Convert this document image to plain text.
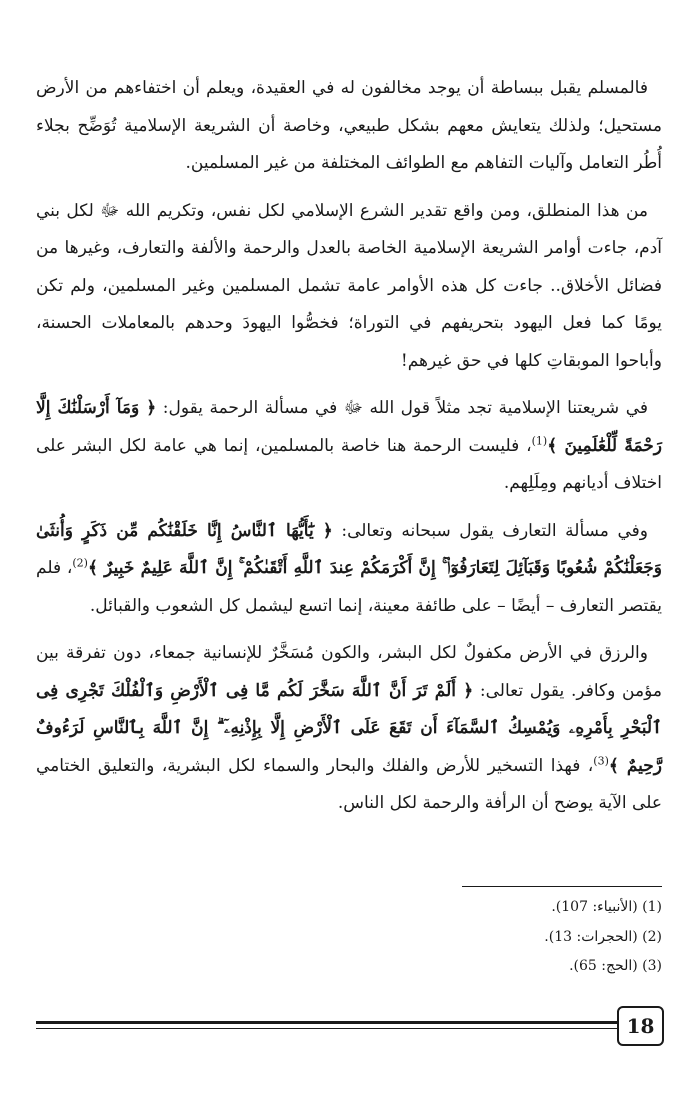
فالمسلم يقبل ببساطة أن يوجد مخالفون له في العقيدة، ويعلم أن اختفاءهم من الأرض مستحيل؛ ولذلك يتعايش معهم بشكل طبيعي، وخاصة أن الشريعة الإسلامية تُوَضِّح بجلاء أُطُر التعامل وآليات التفاهم مع الطوائف المختلفة من غير المسلمين.

من هذا المنطلق، ومن واقع تقدير الشرع الإسلامي لكل نفس، وتكريم الله ﷻ لكل بني آدم، جاءت أوامر الشريعة الإسلامية الخاصة بالعدل والرحمة والألفة والتعارف، وغيرها من فضائل الأخلاق.. جاءت كل هذه الأوامر عامة تشمل المسلمين وغير المسلمين، ولم تكن يومًا كما فعل اليهود بتحريفهم في التوراة؛ فخصُّوا اليهودَ وحدهم بالمعاملات الحسنة، وأباحوا الموبقاتِ كلها في حق غيرهم!

في شريعتنا الإسلامية تجد مثلاً قول الله ﷻ في مسألة الرحمة يقول: ﴿ وَمَآ أَرْسَلْنَٰكَ إِلَّا رَحْمَةً لِّلْعَٰلَمِينَ ﴾$^{(1)}$، فليست الرحمة هنا خاصة بالمسلمين، إنما هي عامة لكل البشر على اختلاف أديانهم ومِلَلِهم.

وفي مسألة التعارف يقول سبحانه وتعالى: ﴿ يَٰٓأَيُّهَا ٱلنَّاسُ إِنَّا خَلَقْنَٰكُم مِّن ذَكَرٍ وَأُنثَىٰ وَجَعَلْنَٰكُمْ شُعُوبًا وَقَبَآئِلَ لِتَعَارَفُوٓا۟ ۚ إِنَّ أَكْرَمَكُمْ عِندَ ٱللَّهِ أَتْقَىٰكُمْ ۚ إِنَّ ٱللَّهَ عَلِيمٌ خَبِيرٌ ﴾$^{(2)}$، فلم يقتصر التعارف – أيضًا – على طائفة معينة، إنما اتسع ليشمل كل الشعوب والقبائل.

والرزق في الأرض مكفولٌ لكل البشر، والكون مُسَخَّرٌ للإنسانية جمعاء، دون تفرقة بين مؤمن وكافر. يقول تعالى: ﴿ أَلَمْ تَرَ أَنَّ ٱللَّهَ سَخَّرَ لَكُم مَّا فِى ٱلْأَرْضِ وَٱلْفُلْكَ تَجْرِى فِى ٱلْبَحْرِ بِأَمْرِهِۦ وَيُمْسِكُ ٱلسَّمَآءَ أَن تَقَعَ عَلَى ٱلْأَرْضِ إِلَّا بِإِذْنِهِۦٓ ۗ إِنَّ ٱللَّهَ بِٱلنَّاسِ لَرَءُوفٌ رَّحِيمٌ ﴾$^{(3)}$، فهذا التسخير للأرض والفلك والبحار والسماء لكل البشرية، والتعليق الختامي على الآية يوضح أن الرأفة والرحمة لكل الناس.

(1) (الأنبياء: 107).
(2) (الحجرات: 13).
(3) (الحج: 65).
18
